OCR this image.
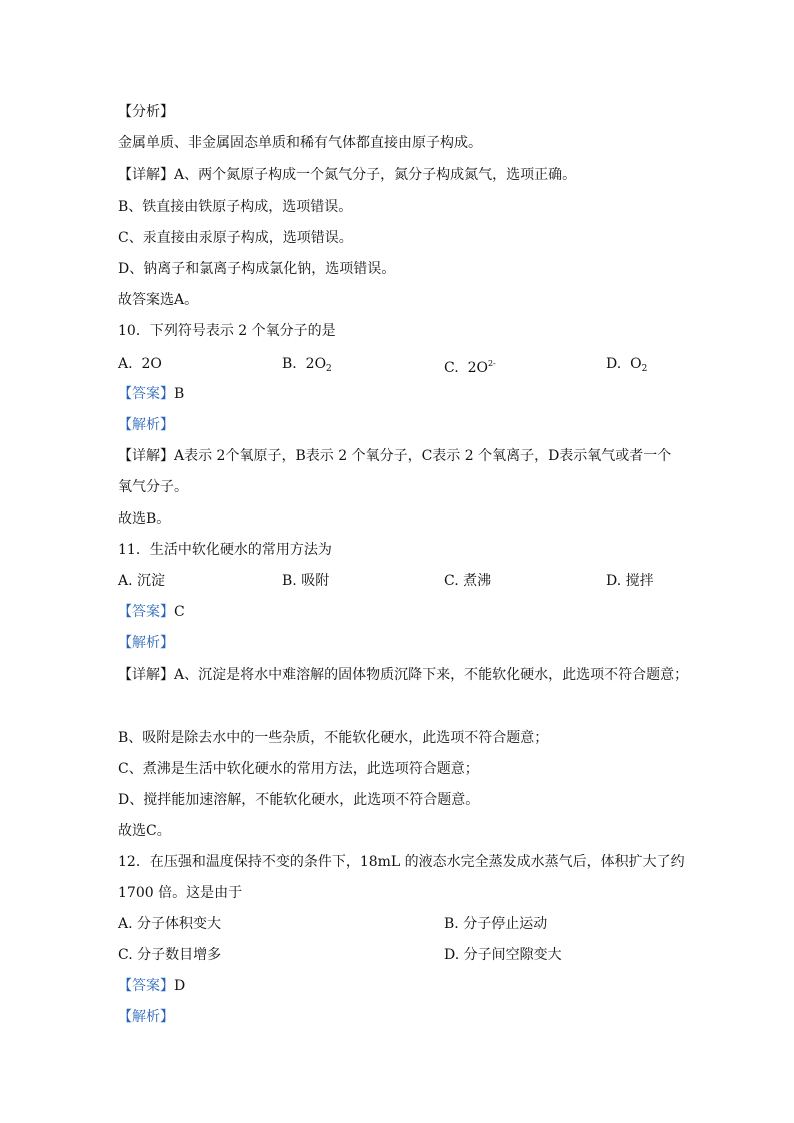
【分析】
金属单质、非金属固态单质和稀有气体都直接由原子构成。
【详解】A、两个氮原子构成一个氮气分子，氮分子构成氮气，选项正确。
B、铁直接由铁原子构成，选项错误。
C、汞直接由汞原子构成，选项错误。
D、钠离子和氯离子构成氯化钠，选项错误。
故答案选A。
10．下列符号表示 2 个氧分子的是
A. 2O	B. $2O_2$	C. $2O^{2-}$	D. $O_2$
【答案】B
【解析】
【详解】A表示 2个氧原子，B表示 2 个氧分子，C表示 2 个氧离子，D表示氧气或者一个
氧气分子。
故选B。
11．生活中软化硬水的常用方法为
A. 沉淀	B. 吸附	C. 煮沸	D. 搅拌
【答案】C
【解析】
【详解】A、沉淀是将水中难溶解的固体物质沉降下来，不能软化硬水，此选项不符合题意；
B、吸附是除去水中的一些杂质，不能软化硬水，此选项不符合题意；
C、煮沸是生活中软化硬水的常用方法，此选项符合题意；
D、搅拌能加速溶解，不能软化硬水，此选项不符合题意。
故选C。
12．在压强和温度保持不变的条件下，18mL 的液态水完全蒸发成水蒸气后，体积扩大了约
1700 倍。这是由于
A. 分子体积变大	B. 分子停止运动
C. 分子数目增多	D. 分子间空隙变大
【答案】D
【解析】
